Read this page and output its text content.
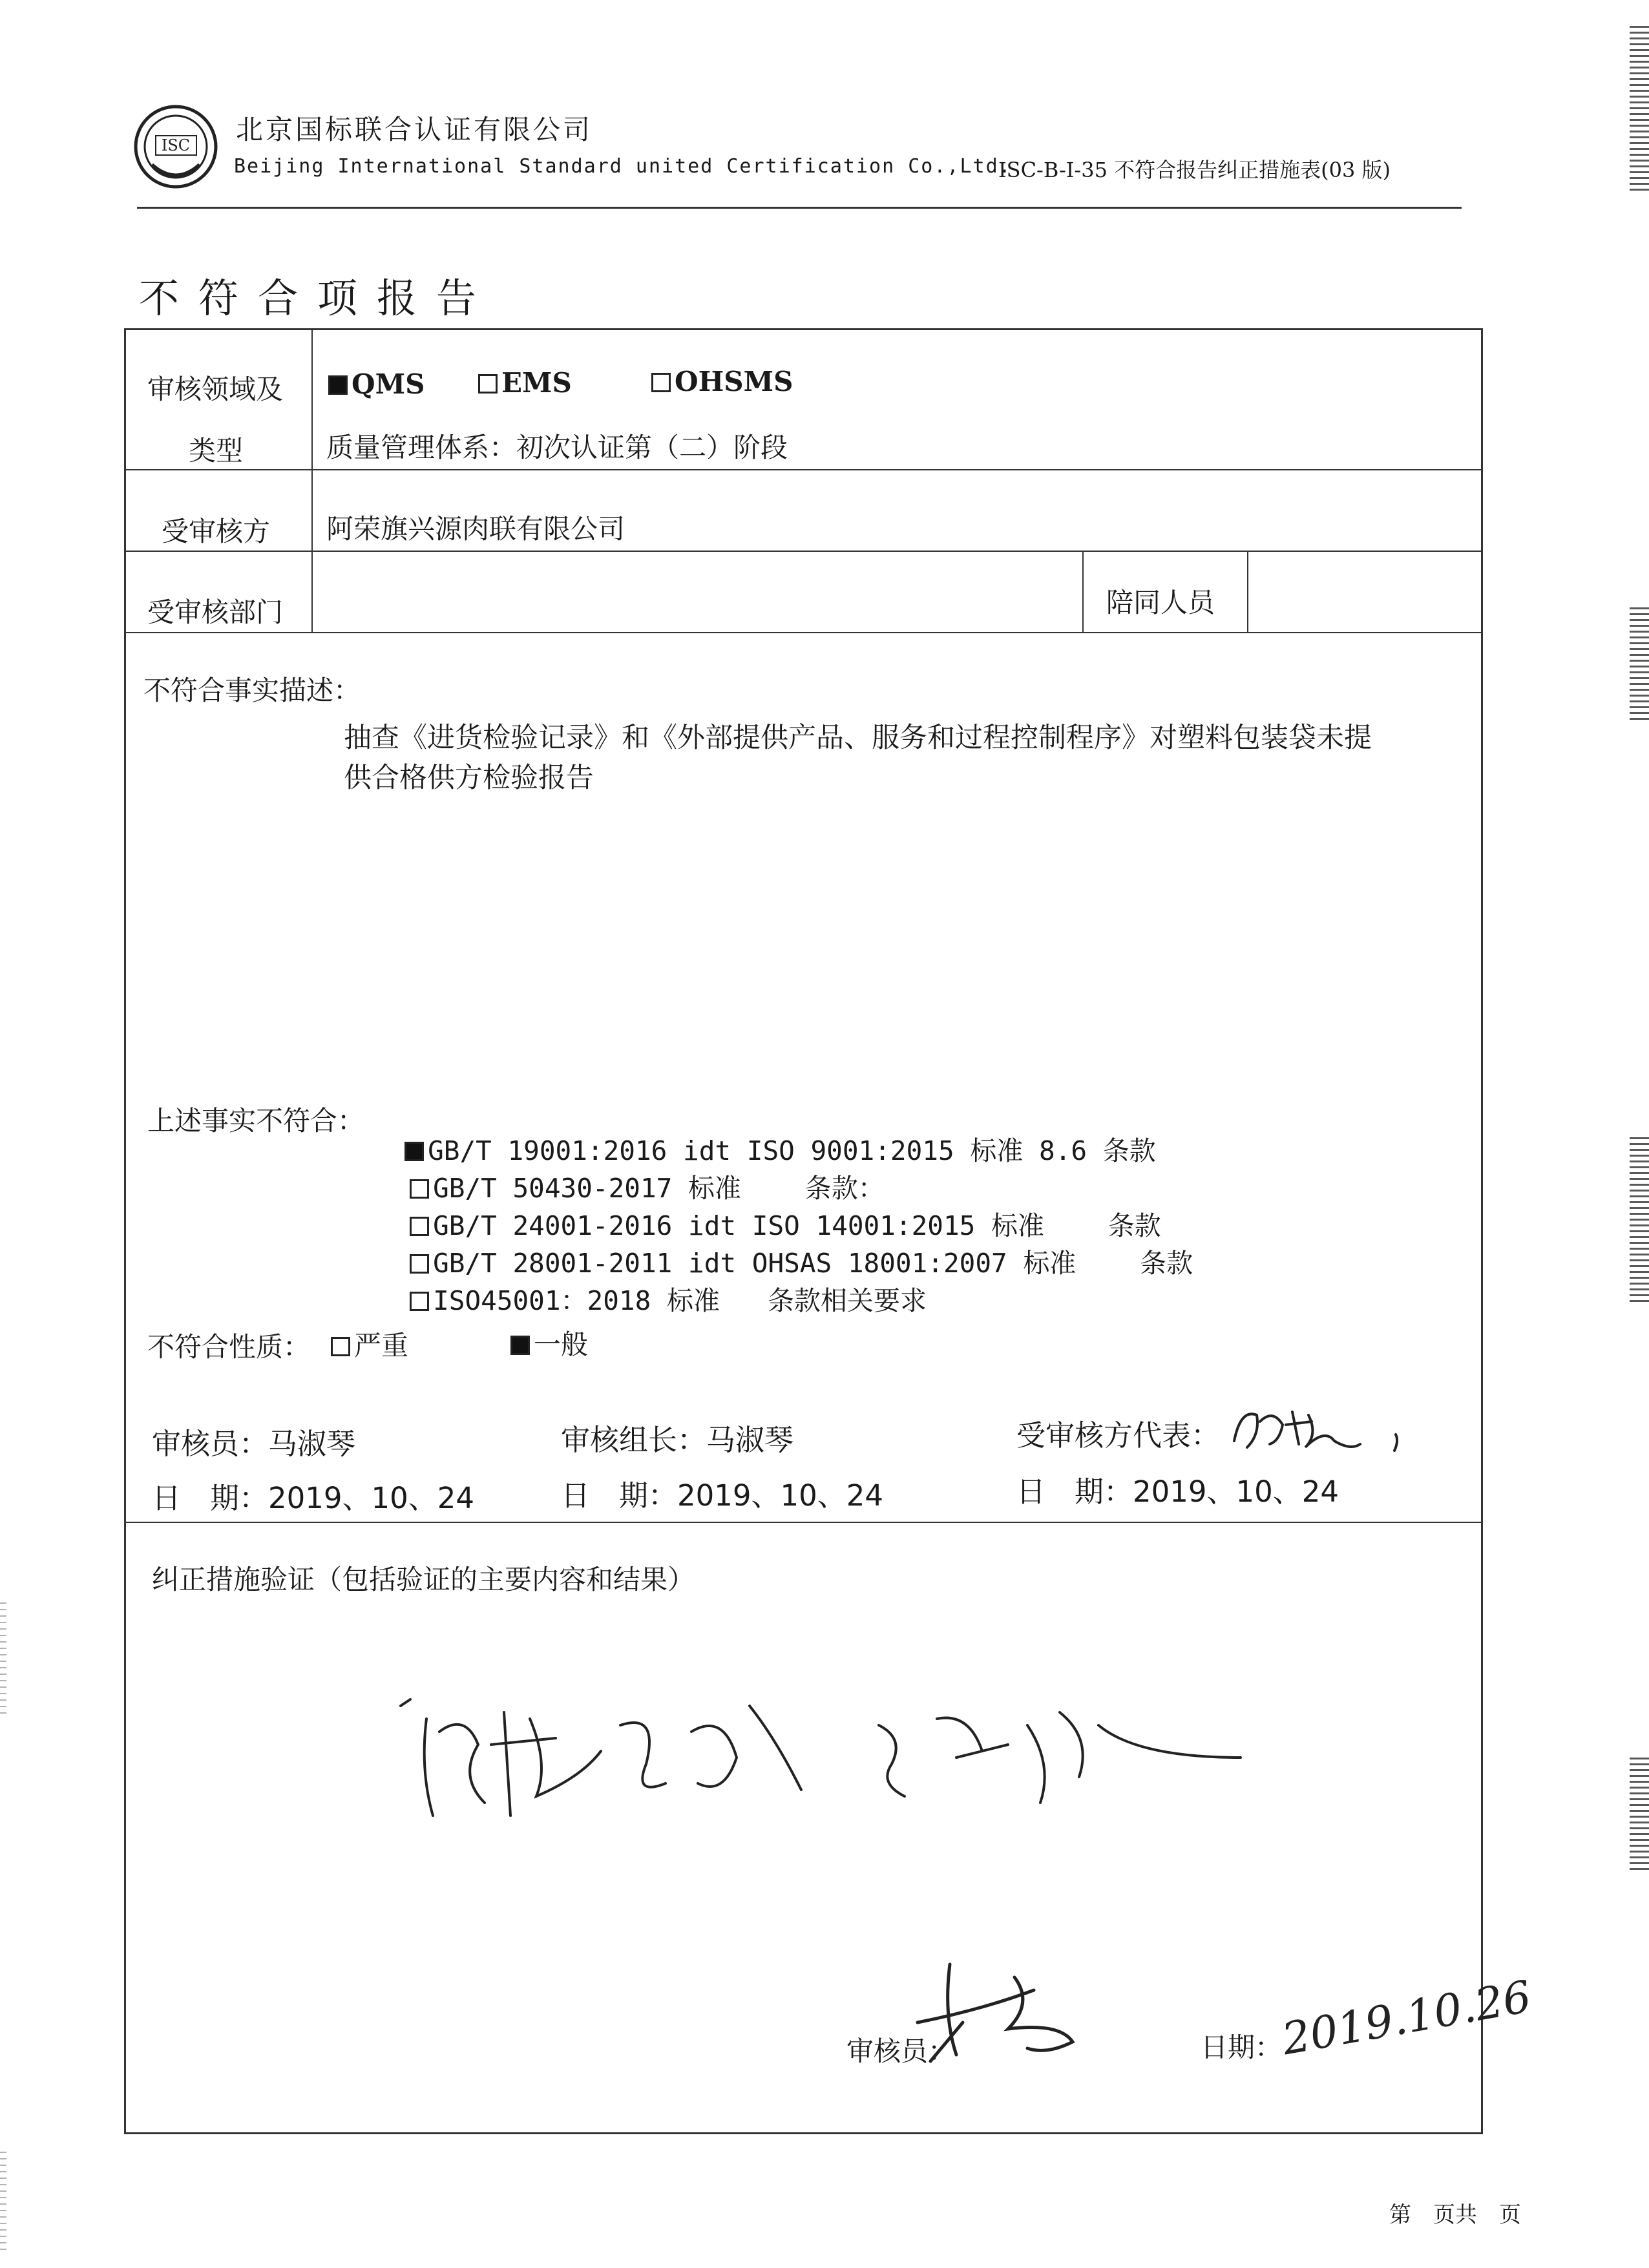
ISC 北京国标联合认证有限公司
Beijing International Standard united Certification Co.,Ltd.
ISC-B-I-35 不符合报告纠正措施表(03 版)
不符合项报告
审核领域及
类型
QMS	EMS	OHSMS
质量管理体系：初次认证第（二）阶段
受审核方 阿荣旗兴源肉联有限公司
受审核部门	陪同人员
不符合事实描述：
抽查《进货检验记录》和《外部提供产品、服务和过程控制程序》对塑料包装袋未提
供合格供方检验报告
上述事实不符合：

GB/T 19001:2016 idt ISO 9001:2015 标准 8.6 条款

GB/T 50430-2017 标准    条款：

GB/T 24001-2016 idt ISO 14001:2015 标准    条款

GB/T 28001-2011 idt OHSAS 18001:2007 标准    条款

ISO45001：2018 标准   条款相关要求

不符合性质：	严重	一般
审核员：马淑琴	审核组长：马淑琴	受审核方代表：
日　期：2019、10、24	日　期：2019、10、24	日　期：2019、10、24
纠正措施验证（包括验证的主要内容和结果）
审核员：	日期：
2019.10.26
第　页共　页
